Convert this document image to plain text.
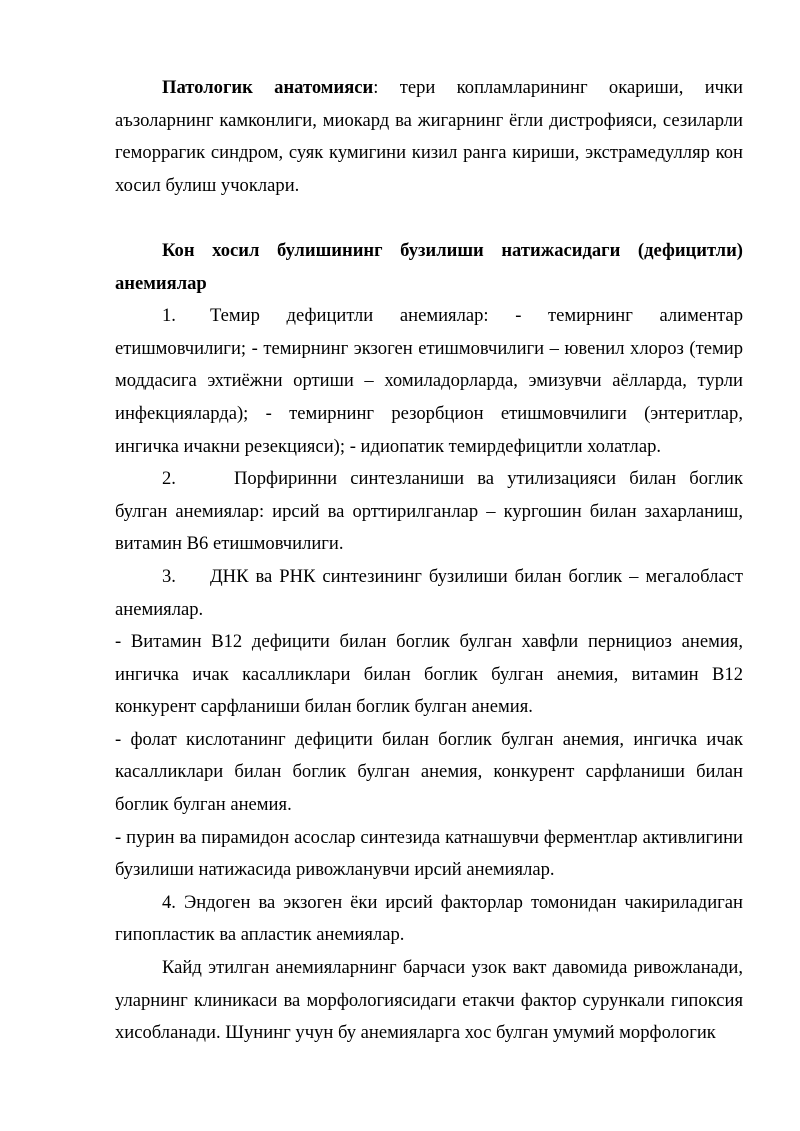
Патологик анатомияси: тери копламларининг окариши, ички аъзоларнинг камконлиги, миокард ва жигарнинг ёгли дистрофияси, сезиларли геморрагик синдром, суяк кумигини кизил ранга кириши, экстрамедулляр кон хосил булиш учоклари.

Кон хосил булишининг бузилиши натижасидаги (дефицитли) анемиялар

1. Темир дефицитли анемиялар: - темирнинг алиментар етишмовчилиги; - темирнинг экзоген етишмовчилиги – ювенил хлороз (темир моддасига эхтиёжни ортиши – хомиладорларда, эмизувчи аёлларда, турли инфекцияларда); - темирнинг резорбцион етишмовчилиги (энтеритлар, ингичка ичакни резекцияси); - идиопатик темирдефицитли холатлар.

2.	Порфиринни синтезланиши ва утилизацияси билан боглик булган анемиялар: ирсий ва орттирилганлар – кургошин билан захарланиш, витамин В6 етишмовчилиги.

3. ДНК ва РНК синтезининг бузилиши билан боглик – мегалобласт анемиялар.

- Витамин В12 дефицити билан боглик булган хавфли пернициоз анемия, ингичка ичак касалликлари билан боглик булган анемия, витамин В12 конкурент сарфланиши билан боглик булган анемия.

- фолат кислотанинг дефицити билан боглик булган анемия, ингичка ичак касалликлари билан боглик булган анемия, конкурент сарфланиши билан боглик булган анемия.

- пурин ва пирамидон асослар синтезида катнашувчи ферментлар активлигини бузилиши натижасида ривожланувчи ирсий анемиялар.

4. Эндоген ва экзоген ёки ирсий факторлар томонидан чакириладиган гипопластик ва апластик анемиялар.

Кайд этилган анемияларнинг барчаси узок вакт давомида ривожланади, уларнинг клиникаси ва морфологиясидаги етакчи фактор сурункали гипоксия хисобланади. Шунинг учун бу анемияларга хос булган умумий морфологик
